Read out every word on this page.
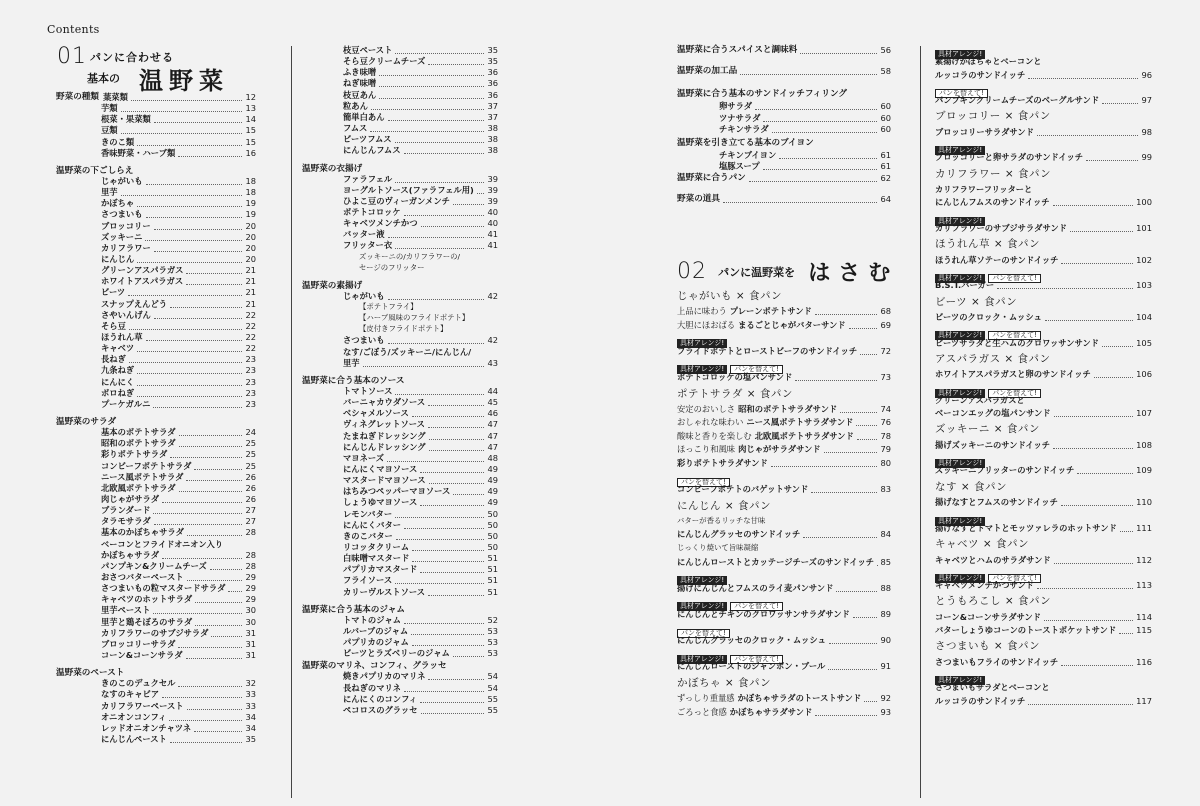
Contents
01 パンに合わせる
基本の 温野菜
02 パンに温野菜を はさむ
野菜の種類 葉菜類	12
芋類	13
根菜・果菜類	14
豆類	15
きのこ類	15
香味野菜・ハーブ類	16
温野菜の下ごしらえ
じゃがいも	18
里芋	18
かぼちゃ	19
さつまいも	19
ブロッコリー	20
ズッキーニ	20
カリフラワー	20
にんじん	20
グリーンアスパラガス	21
ホワイトアスパラガス	21
ビーツ	21
スナップえんどう	21
さやいんげん	22
そら豆	22
ほうれん草	22
キャベツ	22
長ねぎ	23
九条ねぎ	23
にんにく	23
ポロねぎ	23
プーケガルニ	23
温野菜のサラダ
基本のポテトサラダ	24
昭和のポテトサラダ	25
彩りポテトサラダ	25
コンビーフポテトサラダ	25
ニース風ポテトサラダ	26
北欧風ポテトサラダ	26
肉じゃがサラダ	26
ブランダード	27
タラモサラダ	27
基本のかぼちゃサラダ	28
ベーコンとフライドオニオン入り
かぼちゃサラダ	28
パンプキン&クリームチーズ	28
おさつバターペースト	29
さつまいもの粒マスタードサラダ 29
キャベツのホットサラダ	29
里芋ペースト	30
里芋と鶏そぼろのサラダ	30
カリフラワーのサブジサラダ	31
ブロッコリーサラダ	31
コーン&コーンサラダ	31
温野菜のペースト
きのこのデュクセル	32
なすのキャビア	33
カリフラワーペースト	33
オニオンコンフィ	34
レッドオニオンチャツネ	34
にんじんペースト	35
枝豆ペースト	35
そら豆クリームチーズ	35
ふき味噌	36
ねぎ味噌	36
枝豆あん	36
粒あん	37
簡単白あん	37
フムス	38
ビーツフムス	38
にんじんフムス	38
温野菜の衣揚げ
ファラフェル	39
ヨーグルトソース(ファラフェル用) 39
ひよこ豆のヴィーガンメンチ	39
ポテトコロッケ	40
キャベツメンチかつ	40
バッター液	41
フリッター衣	41
ズッキーニの/カリフラワーの/
セージのフリッター
温野菜の素揚げ
じゃがいも	42
【ポテトフライ】
【ハーブ風味のフライドポテト】
【皮付きフライドポテト】
さつまいも	42
なす/ごぼう/ズッキーニ/にんじん/
里芋	43
温野菜に合う基本のソース
トマトソース	44
バーニャカウダソース	45
ベシャメルソース	46
ヴィネグレットソース	47
たまねぎドレッシング	47
にんじんドレッシング	47
マヨネーズ	48
にんにくマヨソース	49
マスタードマヨソース	49
はちみつペッパーマヨソース	49
しょうゆマヨソース	49
レモンバター	50
にんにくバター	50
きのこバター	50
リコッタクリーム	50
白味噌マスタード	51
パプリカマスタード	51
フライソース	51
カリーヴルストソース	51
温野菜に合う基本のジャム
トマトのジャム	52
ルバーブのジャム	53
パプリカのジャム	53
ビーツとラズベリーのジャム	53
温野菜のマリネ、コンフィ、グラッセ
焼きパプリカのマリネ	54
長ねぎのマリネ	54
にんにくのコンフィ	55
ペコロスのグラッセ	55
温野菜に合うスパイスと調味料	56
温野菜の加工品	58
温野菜に合う基本のサンドイッチフィリング
卵サラダ	60
ツナサラダ	60
チキンサラダ	60
温野菜を引き立てる基本のブイヨン
チキンブイヨン	61
塩豚スープ	61
温野菜に合うパン	62
野菜の道具	64
じゃがいも × 食パン
上品に味わう プレーンポテトサンド	68
大胆にほおばる まるごとじゃがバターサンド	69
具材アレンジ!
フライドポテトとローストビーフのサンドイッチ	72
具材アレンジ! パンを替えて!
ポテトコロッケの塩パンサンド	73
ポテトサラダ × 食パン
安定のおいしさ 昭和のポテトサラダサンド	74
おしゃれな味わい ニース風ポテトサラダサンド	76
酸味と香りを楽しむ 北欧風ポテトサラダサンド	78
ほっこり和風味 肉じゃがサラダサンド	79
彩りポテトサラダサンド	80
パンを替えて!
コンビーフポテトのバゲットサンド	83
にんじん × 食パン
バターが香るリッチな甘味
にんじんグラッセのサンドイッチ	84
じっくり焼いて旨味凝縮
にんじんローストとカッテージチーズのサンドイッチ 85
具材アレンジ!
揚げにんじんとフムスのライ麦パンサンド	88
具材アレンジ! パンを替えて!
にんじんとチキンのクロワッサンサラダサンド	89
パンを替えて!
にんじんグラッセのクロック・ムッシュ	90
具材アレンジ! パンを替えて!
にんじんローストのジャンボン・ブール	91
かぼちゃ × 食パン
ずっしり重量感 かぼちゃサラダのトーストサンド 92
ごろっと食感 かぼちゃサラダサンド	93
具材アレンジ!
素揚げかぼちゃとベーコンと
ルッコラのサンドイッチ	96
パンを替えて!
パンプキンクリームチーズのベーグルサンド	97
ブロッコリー × 食パン
ブロッコリーサラダサンド	98
具材アレンジ!
ブロッコリーと卵サラダのサンドイッチ	99
カリフラワー × 食パン
カリフラワーフリッターと
にんじんフムスのサンドイッチ	100
具材アレンジ!
カリフラワーのサブジサラダサンド	101
ほうれん草 × 食パン
ほうれん草ソテーのサンドイッチ	102
具材アレンジ! パンを替えて!
B.S.T.バーガー	103
ビーツ × 食パン
ビーツのクロック・ムッシュ	104
具材アレンジ! パンを替えて!
ビーツサラダと生ハムのクロワッサンサンド	105
アスパラガス × 食パン
ホワイトアスパラガスと卵のサンドイッチ	106
具材アレンジ! パンを替えて!
グリーンアスパラガスと
ベーコンエッグの塩パンサンド	107
ズッキーニ × 食パン
揚げズッキーニのサンドイッチ	108
具材アレンジ!
ズッキーニフリッターのサンドイッチ	109
なす × 食パン
揚げなすとフムスのサンドイッチ	110
具材アレンジ!
揚げなすとトマトとモッツァレラのホットサンド 111
キャベツ × 食パン
キャベツとハムのサラダサンド	112
具材アレンジ! パンを替えて!
キャベツメンチかつサンド	113
とうもろこし × 食パン
コーン&コーンサラダサンド	114
バターしょうゆコーンのトーストポケットサンド 115
さつまいも × 食パン
さつまいもフライのサンドイッチ	116
具材アレンジ!
さつまいもサラダとベーコンと
ルッコラのサンドイッチ	117
